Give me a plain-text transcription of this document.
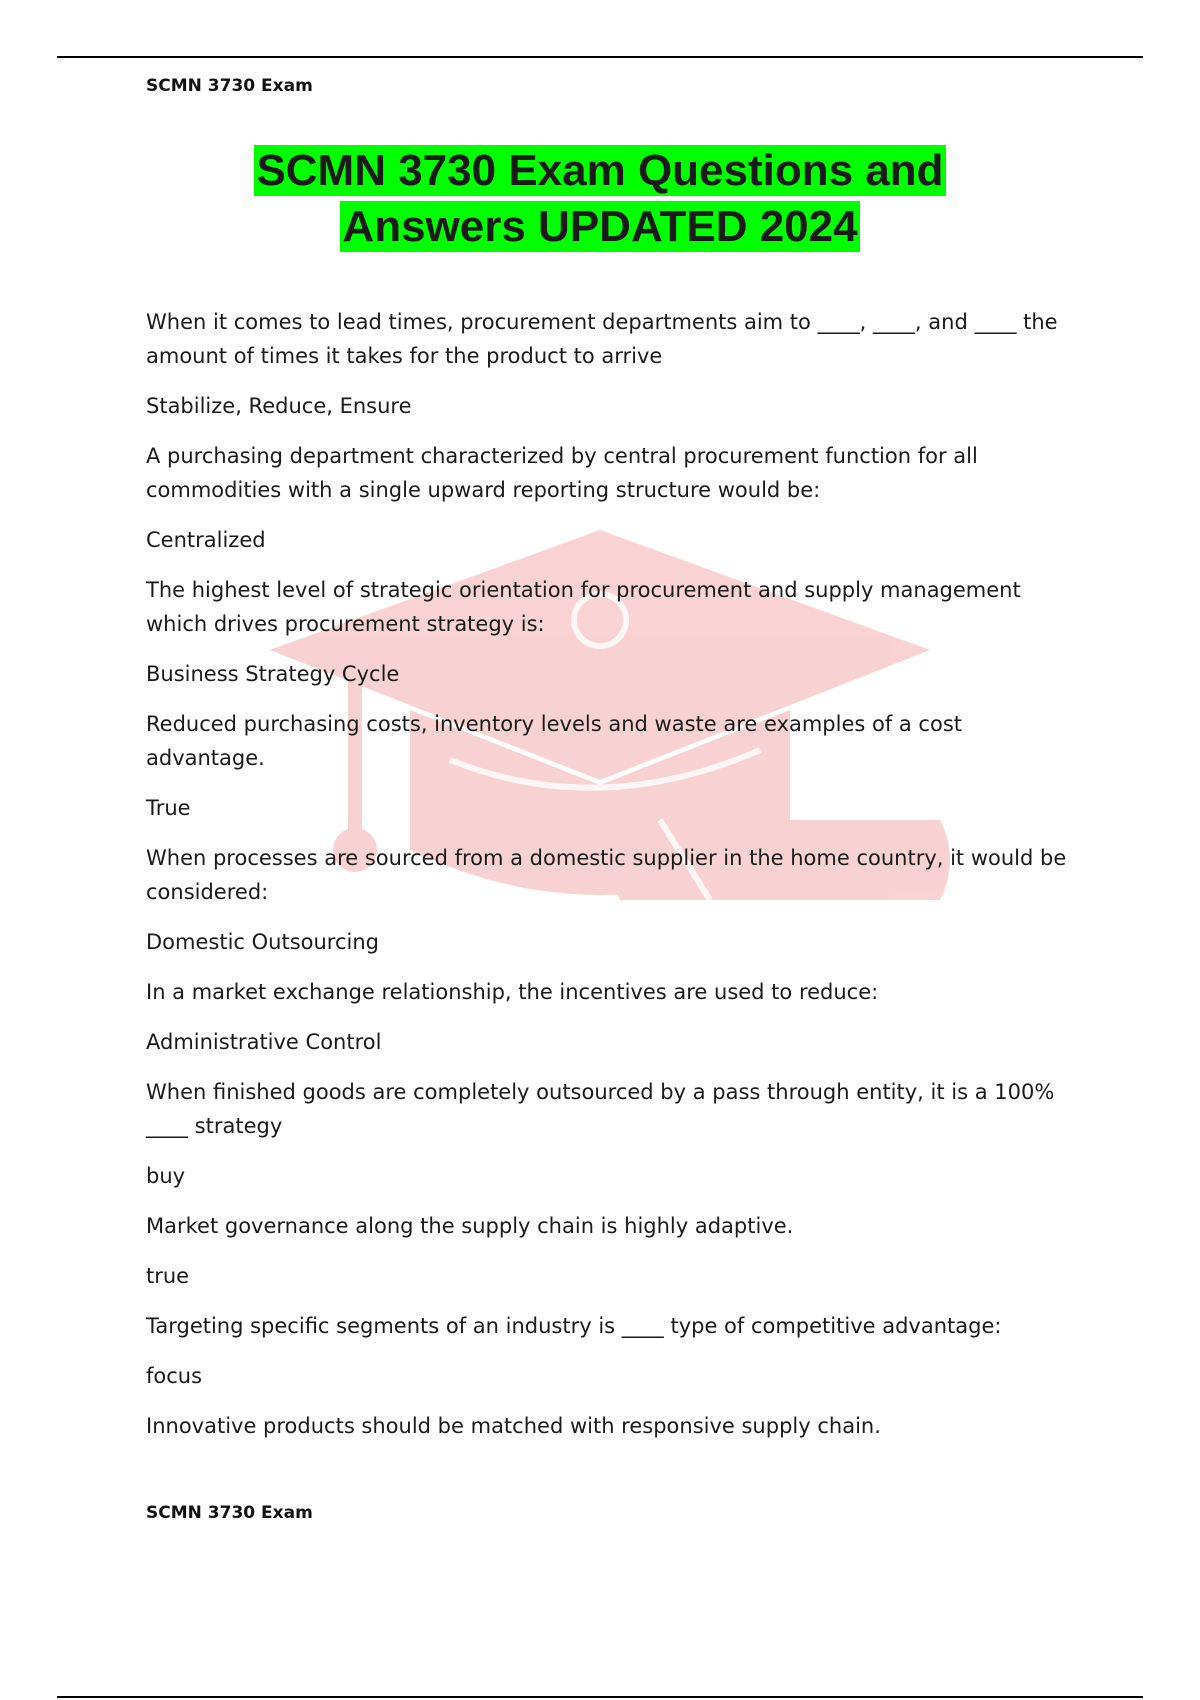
SCMN 3730 Exam
SCMN 3730 Exam Questions and
Answers UPDATED 2024

When it comes to lead times, procurement departments aim to ____, ____, and ____ the amount of times it takes for the product to arrive

Stabilize, Reduce, Ensure

A purchasing department characterized by central procurement function for all commodities with a single upward reporting structure would be:

Centralized

The highest level of strategic orientation for procurement and supply management which drives procurement strategy is:

Business Strategy Cycle

Reduced purchasing costs, inventory levels and waste are examples of a cost advantage.

True

When processes are sourced from a domestic supplier in the home country, it would be considered:

Domestic Outsourcing

In a market exchange relationship, the incentives are used to reduce:

Administrative Control

When finished goods are completely outsourced by a pass through entity, it is a 100% ____ strategy

buy

Market governance along the supply chain is highly adaptive.

true

Targeting specific segments of an industry is ____ type of competitive advantage:

focus

Innovative products should be matched with responsive supply chain.

SCMN 3730 Exam
